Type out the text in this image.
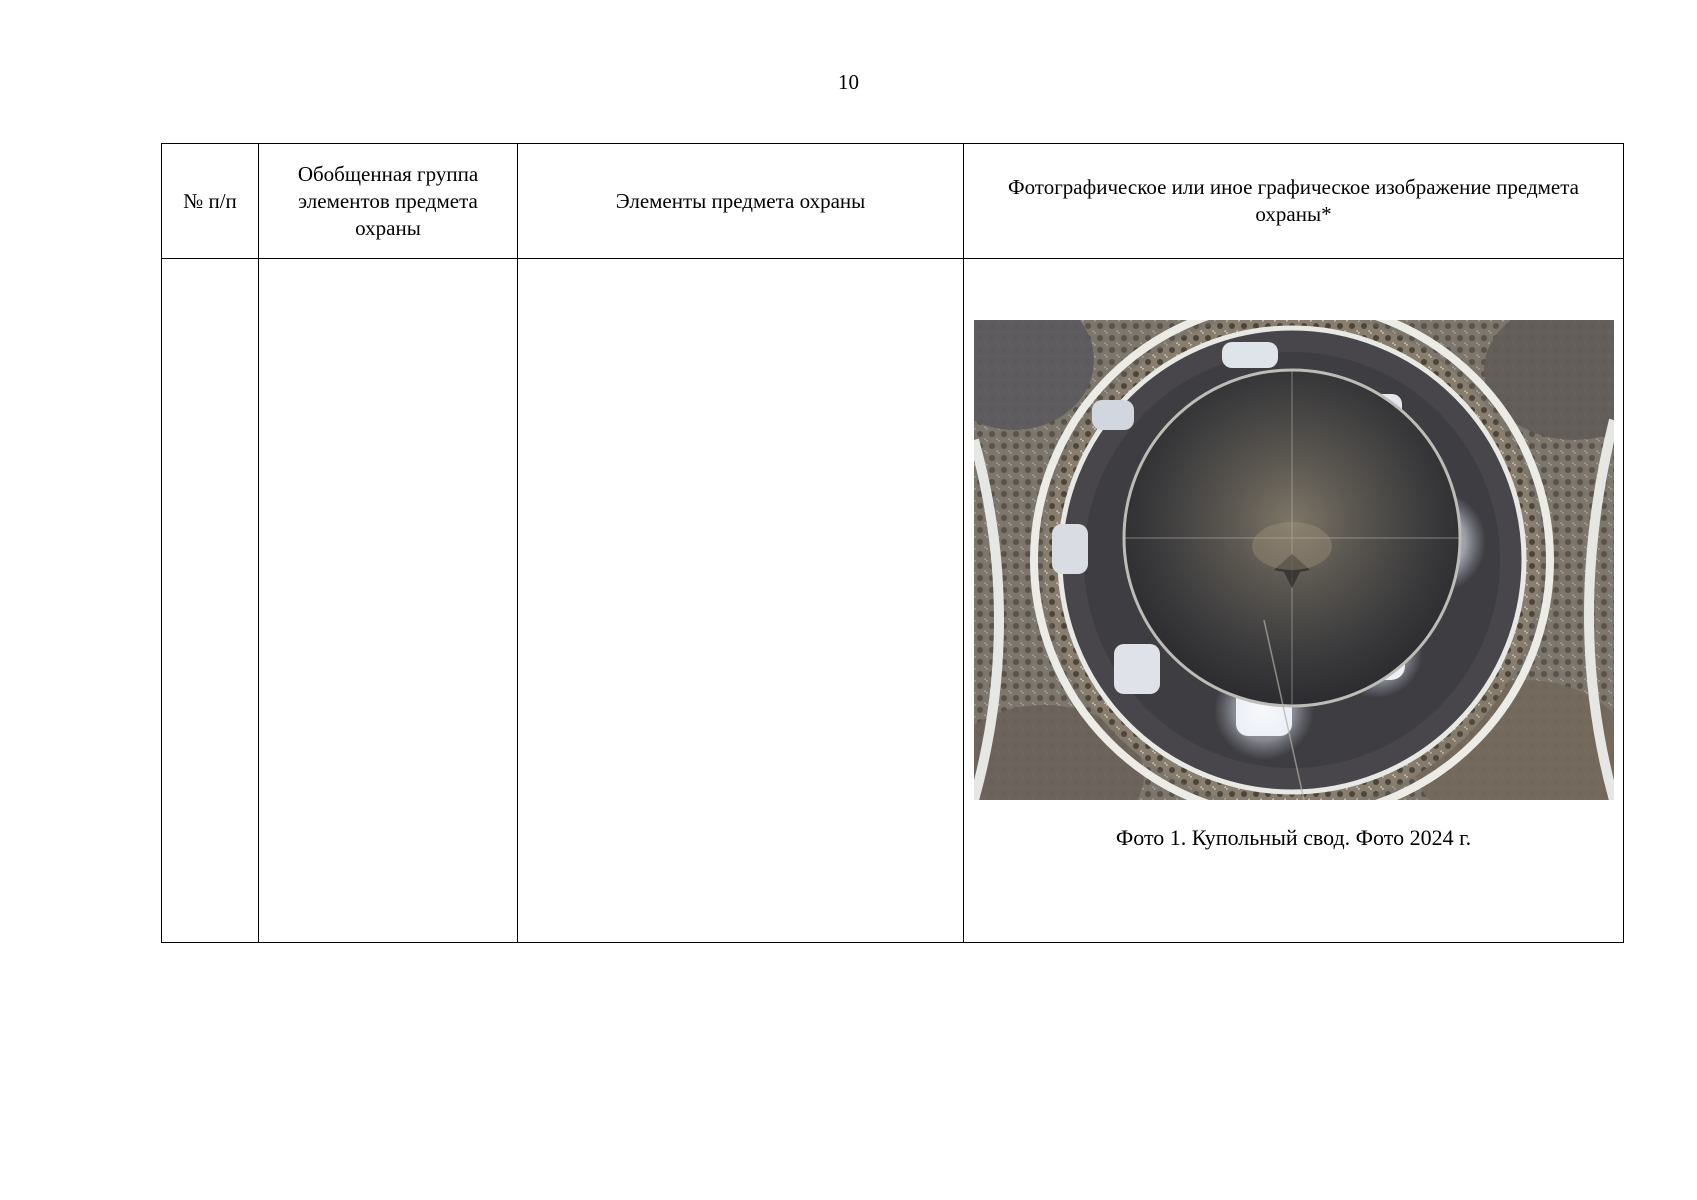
10
№ п/п	Обобщенная группа элементов предмета охраны	Элементы предмета охраны	Фотографическое или иное графическое изображение предмета охраны*

			Фото 1. Купольный свод. Фото 2024 г.
